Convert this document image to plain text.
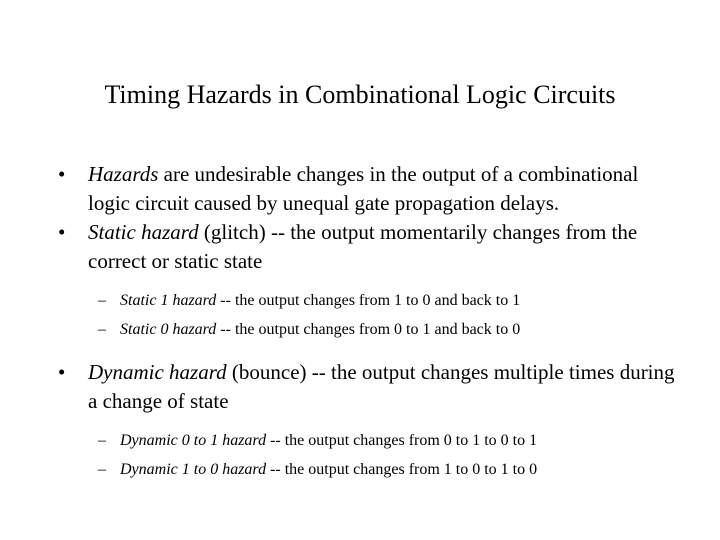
Timing Hazards in Combinational Logic Circuits
•	Hazards are undesirable changes in the output of a combinational logic circuit caused by unequal gate propagation delays.
•	Static hazard (glitch) -- the output momentarily changes from the correct or static state
– Static 1 hazard -- the output changes from 1 to 0 and back to 1
– Static 0 hazard -- the output changes from 0 to 1 and back to 0
•	Dynamic hazard (bounce) -- the output changes multiple times during a change of state
– Dynamic 0 to 1 hazard -- the output changes from 0 to 1 to 0 to 1
– Dynamic 1 to 0 hazard -- the output changes from 1 to 0 to 1 to 0
